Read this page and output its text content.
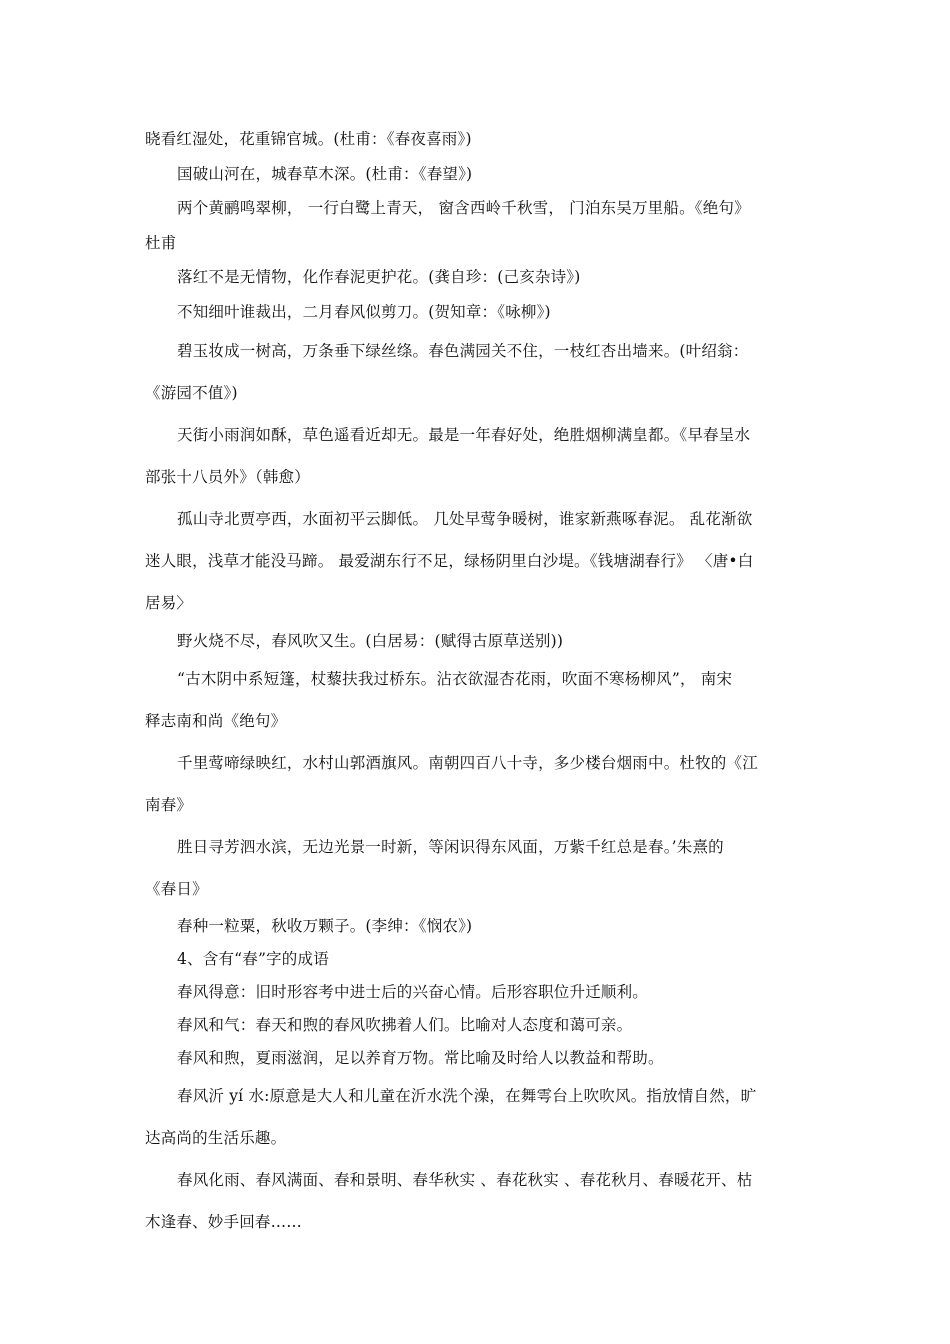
晓看红湿处，花重锦官城。(杜甫：《春夜喜雨》)
国破山河在，城春草木深。(杜甫：《春望》)
两个黄鹂鸣翠柳， 一行白鹭上青天， 窗含西岭千秋雪， 门泊东吴万里船。《绝句》
杜甫
落红不是无情物，化作春泥更护花。(龚自珍：(己亥杂诗》)
不知细叶谁裁出，二月春风似剪刀。(贺知章：《咏柳》)
碧玉妆成一树高，万条垂下绿丝绦。春色满园关不住，一枝红杏出墙来。(叶绍翁：
《游园不值》)
天街小雨润如酥，草色遥看近却无。最是一年春好处，绝胜烟柳满皇都。《早春呈水
部张十八员外》（韩愈）
孤山寺北贾亭西，水面初平云脚低。 几处早莺争暖树，谁家新燕啄春泥。 乱花渐欲
迷人眼，浅草才能没马蹄。 最爱湖东行不足，绿杨阴里白沙堤。《钱塘湖春行》 〈唐•白
居易〉
野火烧不尽，春风吹又生。(白居易：(赋得古原草送别))
“古木阴中系短篷，杖藜扶我过桥东。沾衣欲湿杏花雨，吹面不寒杨柳风”， 南宋
释志南和尚《绝句》
千里莺啼绿映红，水村山郭酒旗风。南朝四百八十寺，多少楼台烟雨中。杜牧的《江
南春》
胜日寻芳泗水滨，无边光景一时新，等闲识得东风面，万紫千红总是春。’朱熹的
《春日》
春种一粒粟，秋收万颗子。(李绅：《悯农》)
4、含有“春”字的成语
春风得意：旧时形容考中进士后的兴奋心情。后形容职位升迁顺利。
春风和气：春天和煦的春风吹拂着人们。比喻对人态度和蔼可亲。
春风和煦，夏雨滋润，足以养育万物。常比喻及时给人以教益和帮助。
春风沂 yí 水:原意是大人和儿童在沂水洗个澡，在舞雩台上吹吹风。指放情自然，旷
达高尚的生活乐趣。
春风化雨、春风满面、春和景明、春华秋实 、春花秋实 、春花秋月、春暖花开、枯
木逢春、妙手回春……
